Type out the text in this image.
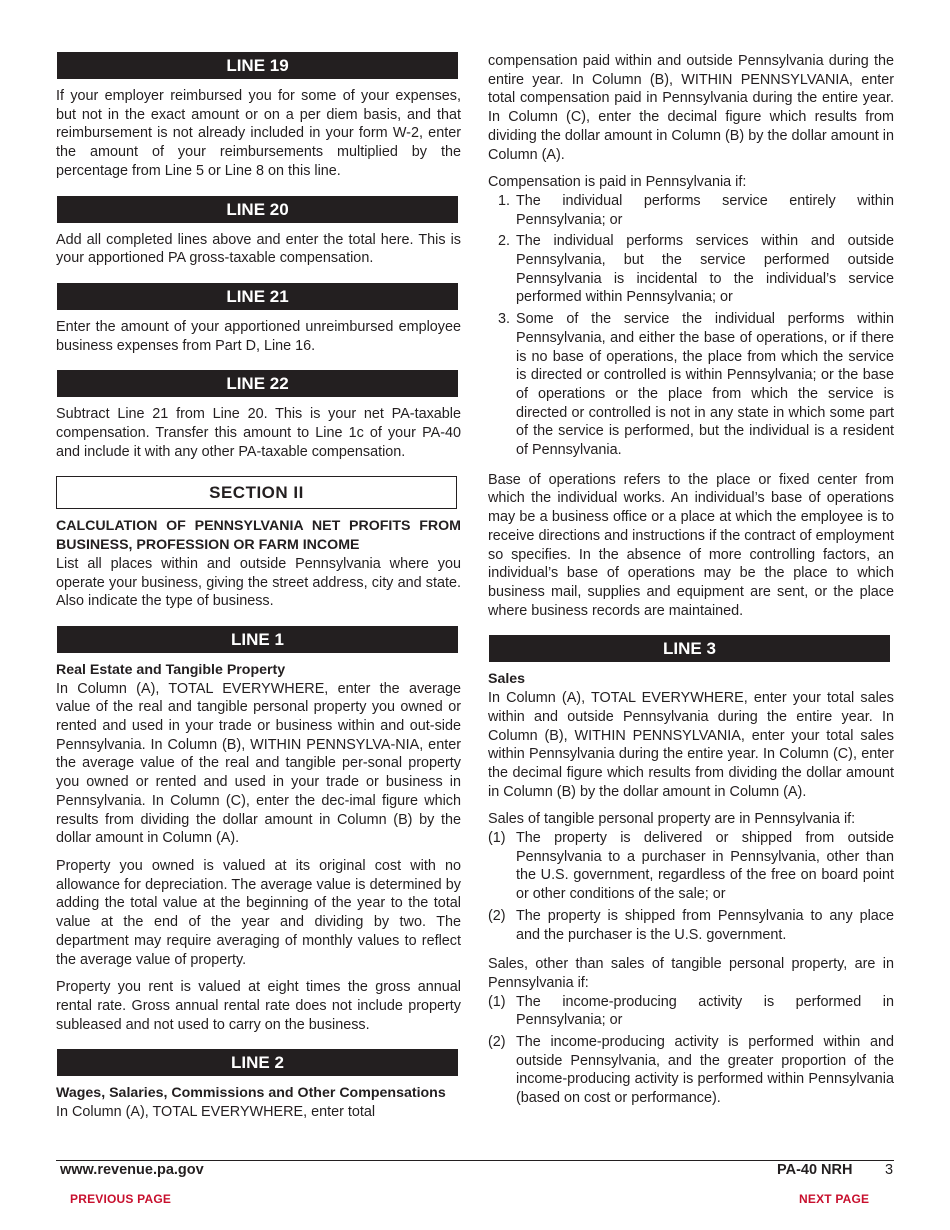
LINE 19

If your employer reimbursed you for some of your expenses, but not in the exact amount or on a per diem basis, and that reimbursement is not already included in your form W-2, enter the amount of your reimbursements multiplied by the percentage from Line 5 or Line 8 on this line.

LINE 20

Add all completed lines above and enter the total here. This is your apportioned PA gross-taxable compensation.

LINE 21

Enter the amount of your apportioned unreimbursed employee business expenses from Part D, Line 16.

LINE 22

Subtract Line 21 from Line 20. This is your net PA-taxable compensation. Transfer this amount to Line 1c of your PA-40 and include it with any other PA-taxable compensation.

SECTION II

CALCULATION OF PENNSYLVANIA NET PROFITS FROM BUSINESS, PROFESSION OR FARM INCOME

List all places within and outside Pennsylvania where you operate your business, giving the street address, city and state. Also indicate the type of business.

LINE 1

Real Estate and Tangible Property

In Column (A), TOTAL EVERYWHERE, enter the average value of the real and tangible personal property you owned or rented and used in your trade or business within and out-side Pennsylvania. In Column (B), WITHIN PENNSYLVA-NIA, enter the average value of the real and tangible per-sonal property you owned or rented and used in your trade or business in Pennsylvania. In Column (C), enter the dec-imal figure which results from dividing the dollar amount in Column (B) by the dollar amount in Column (A).

Property you owned is valued at its original cost with no allowance for depreciation. The average value is determined by adding the total value at the beginning of the year to the total value at the end of the year and dividing by two. The department may require averaging of monthly values to reflect the average value of property.

Property you rent is valued at eight times the gross annual rental rate. Gross annual rental rate does not include property subleased and not used to carry on the business.

LINE 2

Wages, Salaries, Commissions and Other Compensations

In Column (A), TOTAL EVERYWHERE, enter total

compensation paid within and outside Pennsylvania during the entire year. In Column (B), WITHIN PENNSYLVANIA, enter total compensation paid in Pennsylvania during the entire year. In Column (C), enter the decimal figure which results from dividing the dollar amount in Column (B) by the dollar amount in Column (A).

Compensation is paid in Pennsylvania if:

1. The individual performs service entirely within Pennsylvania; or
2. The individual performs services within and outside Pennsylvania, but the service performed outside Pennsylvania is incidental to the individual’s service performed within Pennsylvania; or
3. Some of the service the individual performs within Pennsylvania, and either the base of operations, or if there is no base of operations, the place from which the service is directed or controlled is within Pennsylvania; or the base of operations or the place from which the service is directed or controlled is not in any state in which some part of the service is performed, but the individual is a resident of Pennsylvania.

Base of operations refers to the place or fixed center from which the individual works. An individual’s base of operations may be a business office or a place at which the employee is to receive directions and instructions if the contract of employment so specifies. In the absence of more controlling factors, an individual’s base of operations may be the place to which business mail, supplies and equipment are sent, or the place where business records are maintained.

LINE 3

Sales

In Column (A), TOTAL EVERYWHERE, enter your total sales within and outside Pennsylvania during the entire year. In Column (B), WITHIN PENNSYLVANIA, enter your total sales within Pennsylvania during the entire year. In Column (C), enter the decimal figure which results from dividing the dollar amount in Column (B) by the dollar amount in Column (A).

Sales of tangible personal property are in Pennsylvania if:

(1) The property is delivered or shipped from outside Pennsylvania to a purchaser in Pennsylvania, other than the U.S. government, regardless of the free on board point or other conditions of the sale; or
(2) The property is shipped from Pennsylvania to any place and the purchaser is the U.S. government.

Sales, other than sales of tangible personal property, are in Pennsylvania if:

(1) The income-producing activity is performed in Pennsylvania; or
(2) The income-producing activity is performed within and outside Pennsylvania, and the greater proportion of the income-producing activity is performed within Pennsylvania (based on cost or performance).
www.revenue.pa.gov	PA-40 NRH 3
PREVIOUS PAGE	NEXT PAGE
